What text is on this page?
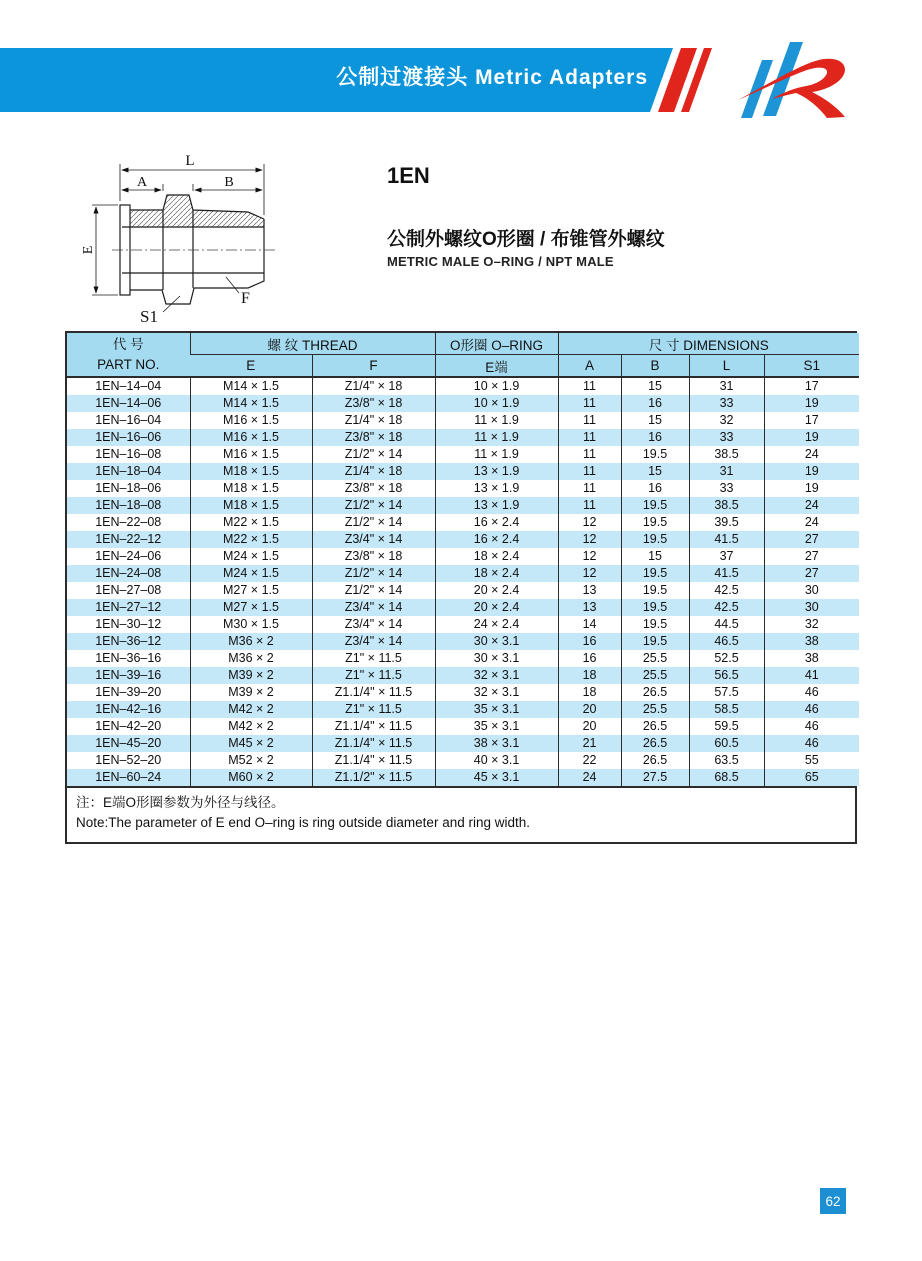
公制过渡接头 Metric Adapters
1EN
公制外螺纹O形圈 / 布锥管外螺纹
METRIC MALE O–RING / NPT MALE
L
A	B
E
F
S1
代 号
PART NO.	螺 纹 THREAD		O形圈 O–RING	尺 寸 DIMENSIONS			
	E	F	E端	A	B	L	S1
1EN–14–04	M14 × 1.5	Z1/4" × 18	10 × 1.9	11	15	31	17
1EN–14–06	M14 × 1.5	Z3/8" × 18	10 × 1.9	11	16	33	19
1EN–16–04	M16 × 1.5	Z1/4" × 18	11 × 1.9	11	15	32	17
1EN–16–06	M16 × 1.5	Z3/8" × 18	11 × 1.9	11	16	33	19
1EN–16–08	M16 × 1.5	Z1/2" × 14	11 × 1.9	11	19.5	38.5	24
1EN–18–04	M18 × 1.5	Z1/4" × 18	13 × 1.9	11	15	31	19
1EN–18–06	M18 × 1.5	Z3/8" × 18	13 × 1.9	11	16	33	19
1EN–18–08	M18 × 1.5	Z1/2" × 14	13 × 1.9	11	19.5	38.5	24
1EN–22–08	M22 × 1.5	Z1/2" × 14	16 × 2.4	12	19.5	39.5	24
1EN–22–12	M22 × 1.5	Z3/4" × 14	16 × 2.4	12	19.5	41.5	27
1EN–24–06	M24 × 1.5	Z3/8" × 18	18 × 2.4	12	15	37	27
1EN–24–08	M24 × 1.5	Z1/2" × 14	18 × 2.4	12	19.5	41.5	27
1EN–27–08	M27 × 1.5	Z1/2" × 14	20 × 2.4	13	19.5	42.5	30
1EN–27–12	M27 × 1.5	Z3/4" × 14	20 × 2.4	13	19.5	42.5	30
1EN–30–12	M30 × 1.5	Z3/4" × 14	24 × 2.4	14	19.5	44.5	32
1EN–36–12	M36 × 2	Z3/4" × 14	30 × 3.1	16	19.5	46.5	38
1EN–36–16	M36 × 2	Z1" × 11.5	30 × 3.1	16	25.5	52.5	38
1EN–39–16	M39 × 2	Z1" × 11.5	32 × 3.1	18	25.5	56.5	41
1EN–39–20	M39 × 2	Z1.1/4" × 11.5	32 × 3.1	18	26.5	57.5	46
1EN–42–16	M42 × 2	Z1" × 11.5	35 × 3.1	20	25.5	58.5	46
1EN–42–20	M42 × 2	Z1.1/4" × 11.5	35 × 3.1	20	26.5	59.5	46
1EN–45–20	M45 × 2	Z1.1/4" × 11.5	38 × 3.1	21	26.5	60.5	46
1EN–52–20	M52 × 2	Z1.1/4" × 11.5	40 × 3.1	22	26.5	63.5	55
1EN–60–24	M60 × 2	Z1.1/2" × 11.5	45 × 3.1	24	27.5	68.5	65
注：E端O形圈参数为外径与线径。
Note:The parameter of E end O–ring is ring outside diameter and ring width.
62
